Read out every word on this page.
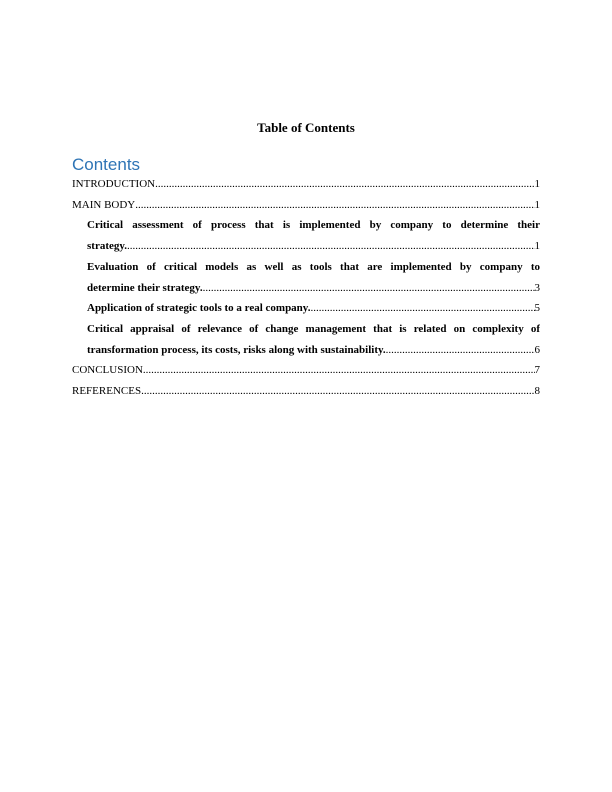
Table of Contents
Contents
INTRODUCTION .....	1
MAIN BODY .....	1
Critical assessment of process that is implemented by company to determine their
strategy. .....	1
Evaluation of critical models as well as tools that are implemented by company to
determine their strategy. .....	3
Application of strategic tools to a real company. .....	5
Critical appraisal of relevance of change management that is related on complexity of
transformation process, its costs, risks along with sustainability. .....	6
CONCLUSION .....	7
REFERENCES .....	8
